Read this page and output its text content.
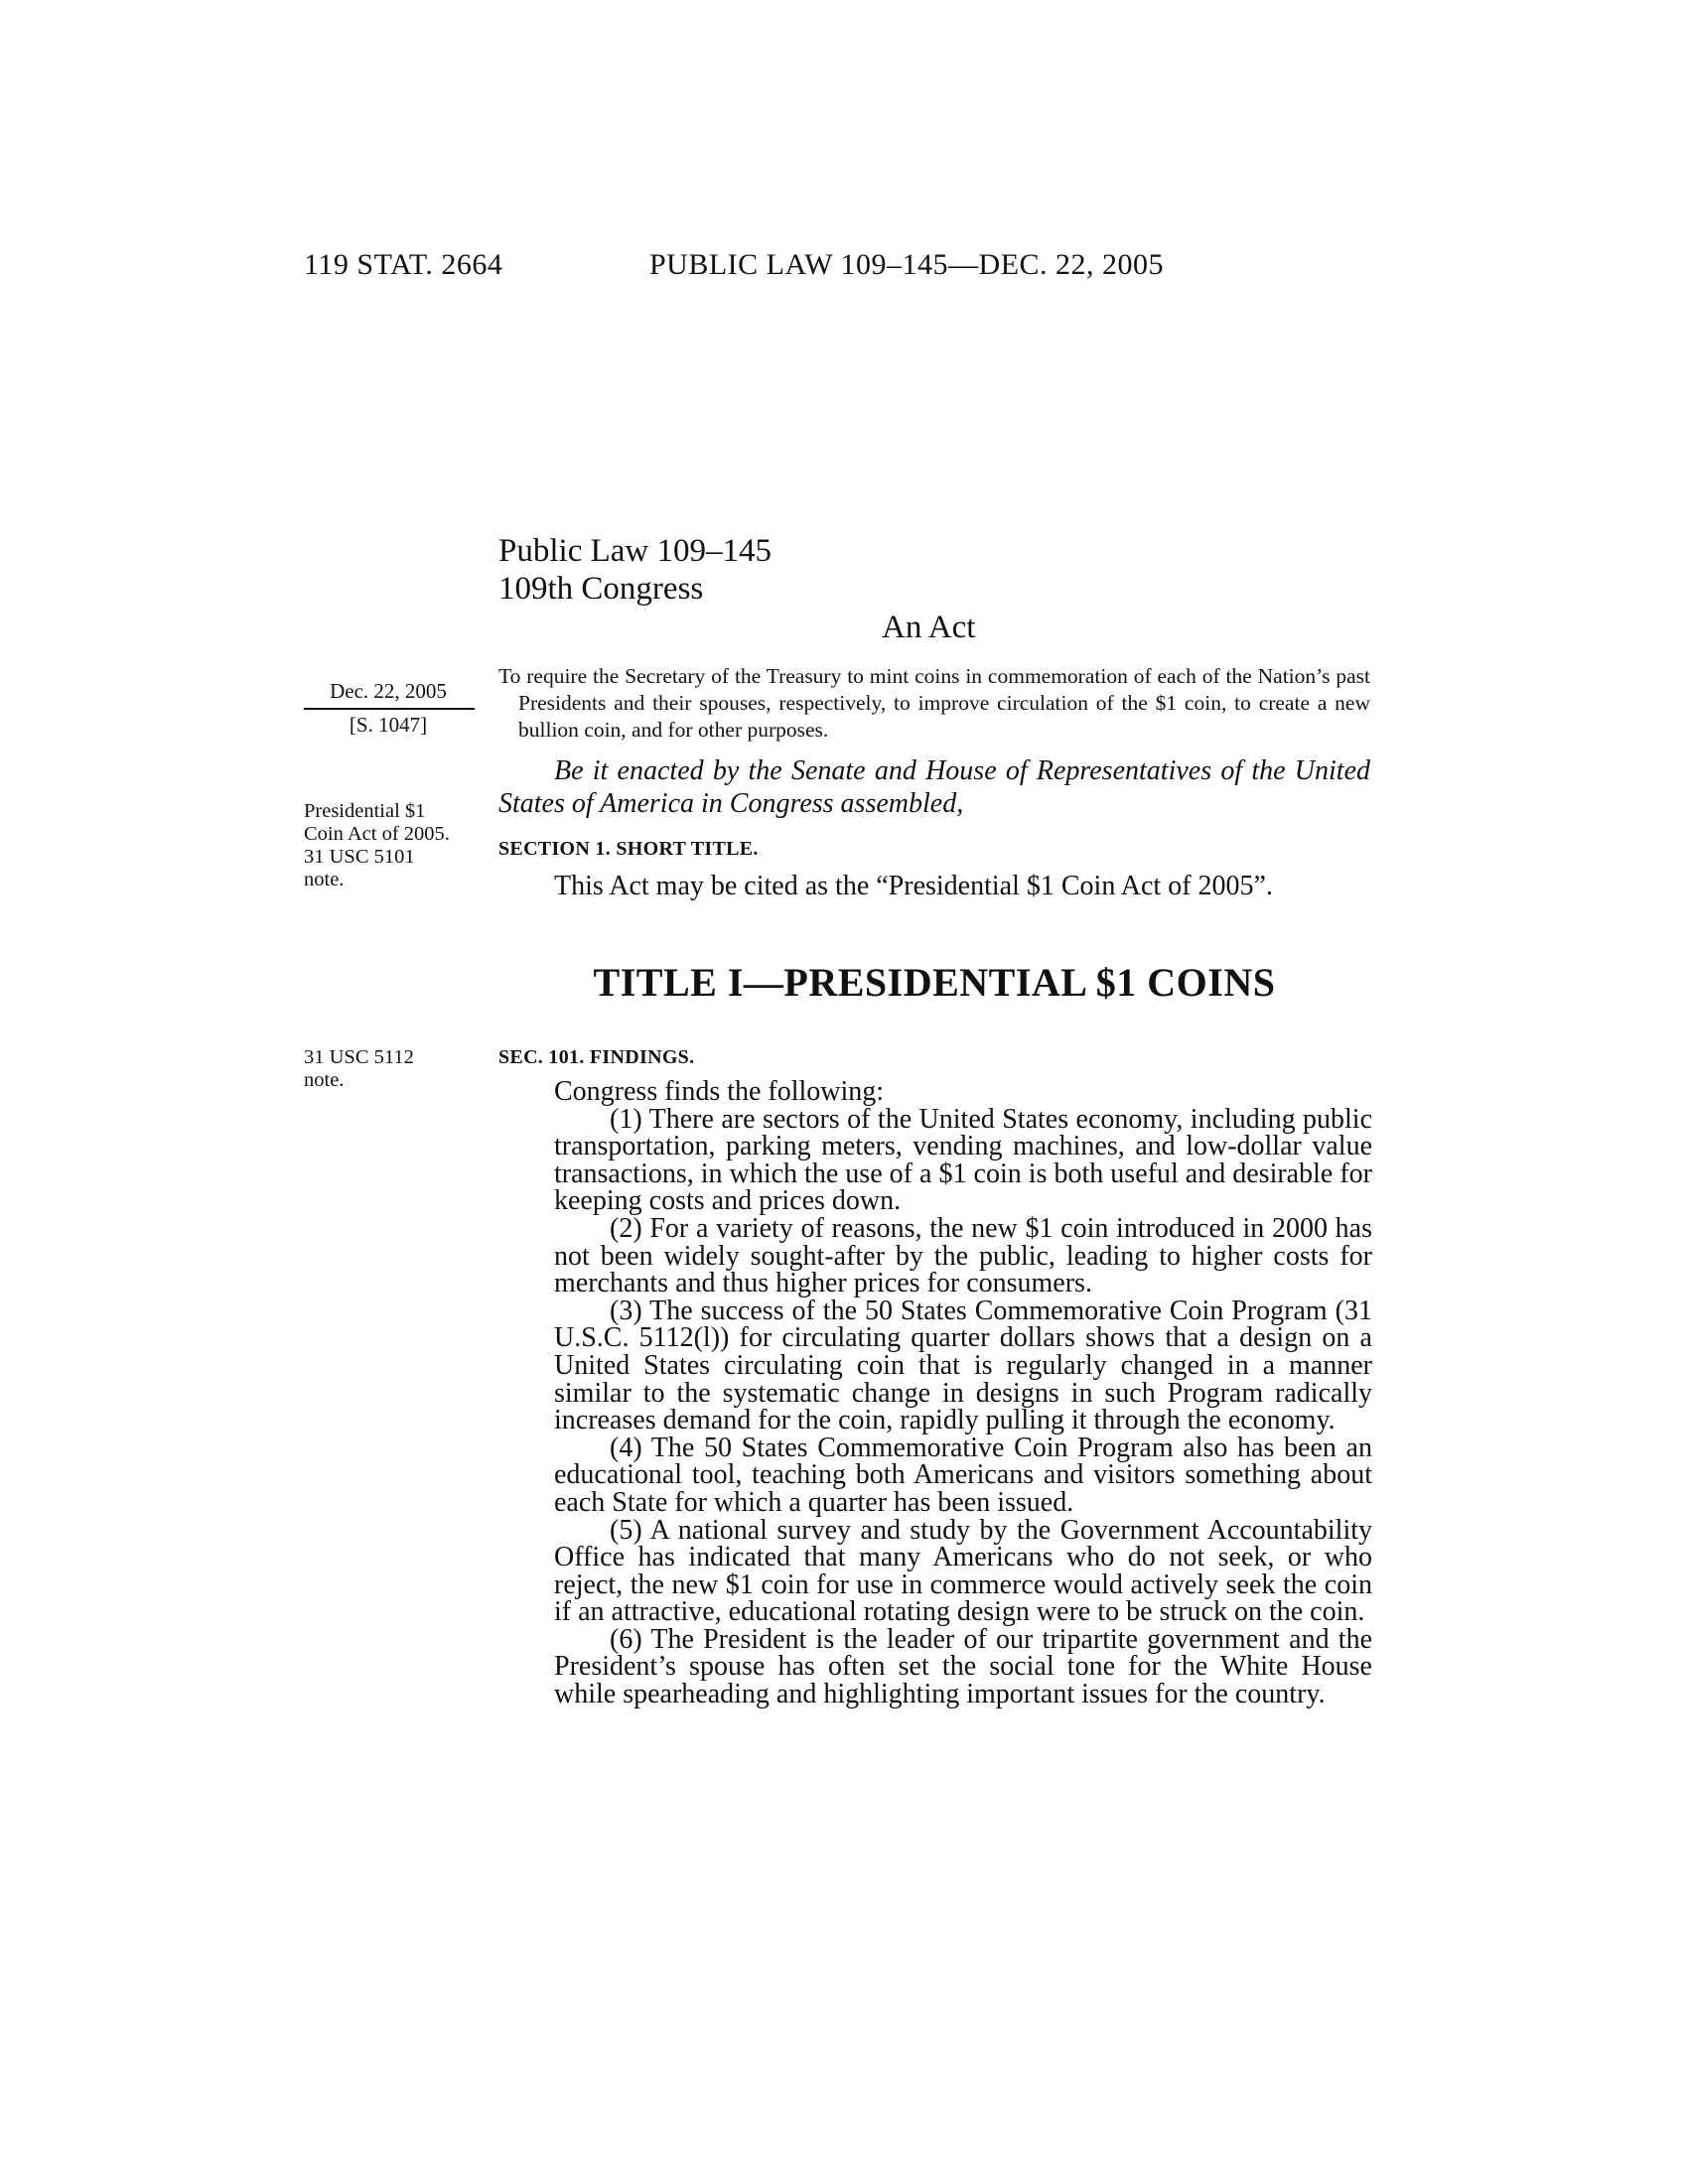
119 STAT. 2664	PUBLIC LAW 109–145—DEC. 22, 2005
Public Law 109–145
109th Congress
An Act
Dec. 22, 2005
[S. 1047]
To require the Secretary of the Treasury to mint coins in commemoration of each of the Nation’s past Presidents and their spouses, respectively, to improve circulation of the $1 coin, to create a new bullion coin, and for other purposes.
Presidential $1
Coin Act of 2005.
31 USC 5101
note.
Be it enacted by the Senate and House of Representatives of the United States of America in Congress assembled,
SECTION 1. SHORT TITLE.

This Act may be cited as the “Presidential $1 Coin Act of 2005”.

TITLE I—PRESIDENTIAL $1 COINS
31 USC 5112
note.
SEC. 101. FINDINGS.

Congress finds the following:

(1) There are sectors of the United States economy, including public transportation, parking meters, vending machines, and low-dollar value transactions, in which the use of a $1 coin is both useful and desirable for keeping costs and prices down.

(2) For a variety of reasons, the new $1 coin introduced in 2000 has not been widely sought-after by the public, leading to higher costs for merchants and thus higher prices for consumers.

(3) The success of the 50 States Commemorative Coin Program (31 U.S.C. 5112(l)) for circulating quarter dollars shows that a design on a United States circulating coin that is regularly changed in a manner similar to the systematic change in designs in such Program radically increases demand for the coin, rapidly pulling it through the economy.

(4) The 50 States Commemorative Coin Program also has been an educational tool, teaching both Americans and visitors something about each State for which a quarter has been issued.

(5) A national survey and study by the Government Accountability Office has indicated that many Americans who do not seek, or who reject, the new $1 coin for use in commerce would actively seek the coin if an attractive, educational rotating design were to be struck on the coin.

(6) The President is the leader of our tripartite government and the President’s spouse has often set the social tone for the White House while spearheading and highlighting important issues for the country.
